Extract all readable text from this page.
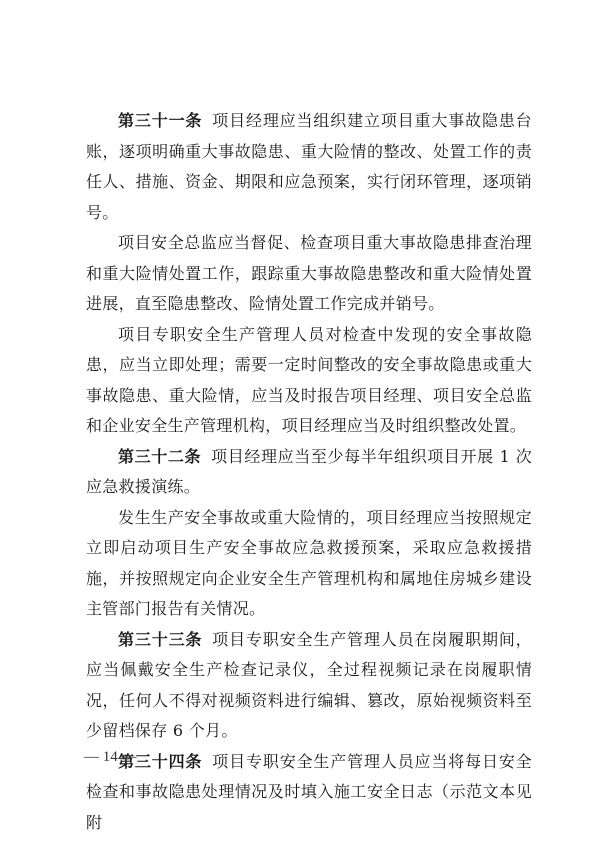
第三十一条 项目经理应当组织建立项目重大事故隐患台账，逐项明确重大事故隐患、重大险情的整改、处置工作的责任人、措施、资金、期限和应急预案，实行闭环管理，逐项销号。

项目安全总监应当督促、检查项目重大事故隐患排查治理和重大险情处置工作，跟踪重大事故隐患整改和重大险情处置进展，直至隐患整改、险情处置工作完成并销号。

项目专职安全生产管理人员对检查中发现的安全事故隐患，应当立即处理；需要一定时间整改的安全事故隐患或重大事故隐患、重大险情，应当及时报告项目经理、项目安全总监和企业安全生产管理机构，项目经理应当及时组织整改处置。

第三十二条 项目经理应当至少每半年组织项目开展 1 次应急救援演练。

发生生产安全事故或重大险情的，项目经理应当按照规定立即启动项目生产安全事故应急救援预案，采取应急救援措施，并按照规定向企业安全生产管理机构和属地住房城乡建设主管部门报告有关情况。

第三十三条 项目专职安全生产管理人员在岗履职期间，应当佩戴安全生产检查记录仪，全过程视频记录在岗履职情况，任何人不得对视频资料进行编辑、篡改，原始视频资料至少留档保存 6 个月。

第三十四条 项目专职安全生产管理人员应当将每日安全检查和事故隐患处理情况及时填入施工安全日志（示范文本见附

— 14 —
